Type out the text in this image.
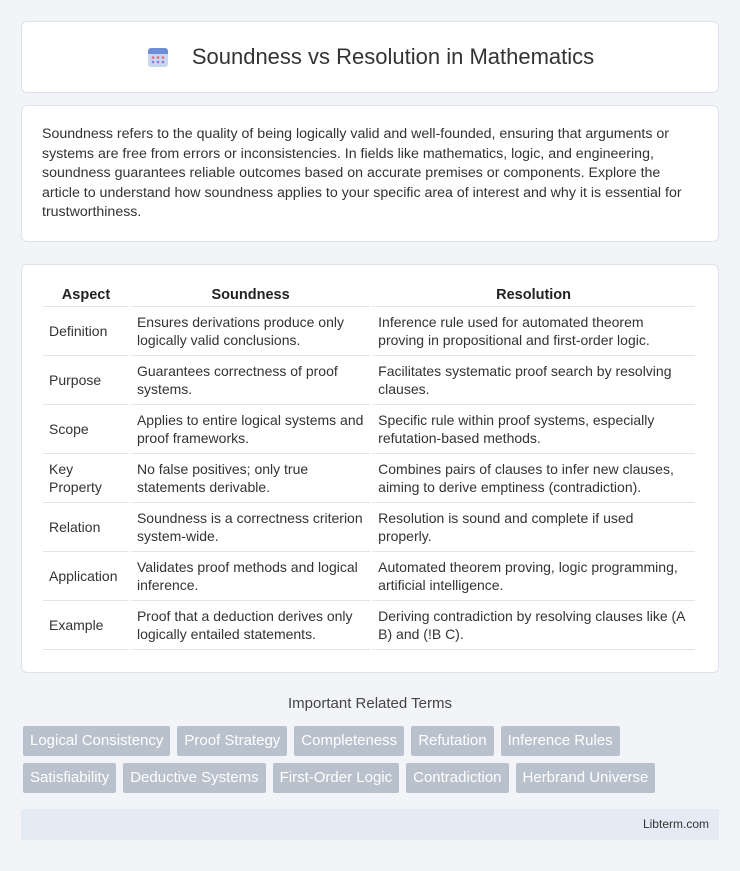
Soundness vs Resolution in Mathematics

Soundness refers to the quality of being logically valid and well-founded, ensuring that arguments or systems are free from errors or inconsistencies. In fields like mathematics, logic, and engineering, soundness guarantees reliable outcomes based on accurate premises or components. Explore the article to understand how soundness applies to your specific area of interest and why it is essential for trustworthiness.

Aspect	Soundness	Resolution
Definition	Ensures derivations produce only logically valid conclusions.	Inference rule used for automated theorem proving in propositional and first-order logic.
Purpose	Guarantees correctness of proof systems.	Facilitates systematic proof search by resolving clauses.
Scope	Applies to entire logical systems and proof frameworks.	Specific rule within proof systems, especially refutation-based methods.
Key Property	No false positives; only true statements derivable.	Combines pairs of clauses to infer new clauses, aiming to derive emptiness (contradiction).
Relation	Soundness is a correctness criterion system-wide.	Resolution is sound and complete if used properly.
Application	Validates proof methods and logical inference.	Automated theorem proving, logic programming, artificial intelligence.
Example	Proof that a deduction derives only logically entailed statements.	Deriving contradiction by resolving clauses like (A B) and (!B C).
Important Related Terms
Logical Consistency	Proof Strategy	Completeness	Refutation	Inference Rules
Satisfiability	Deductive Systems	First-Order Logic	Contradiction	Herbrand Universe
Libterm.com
